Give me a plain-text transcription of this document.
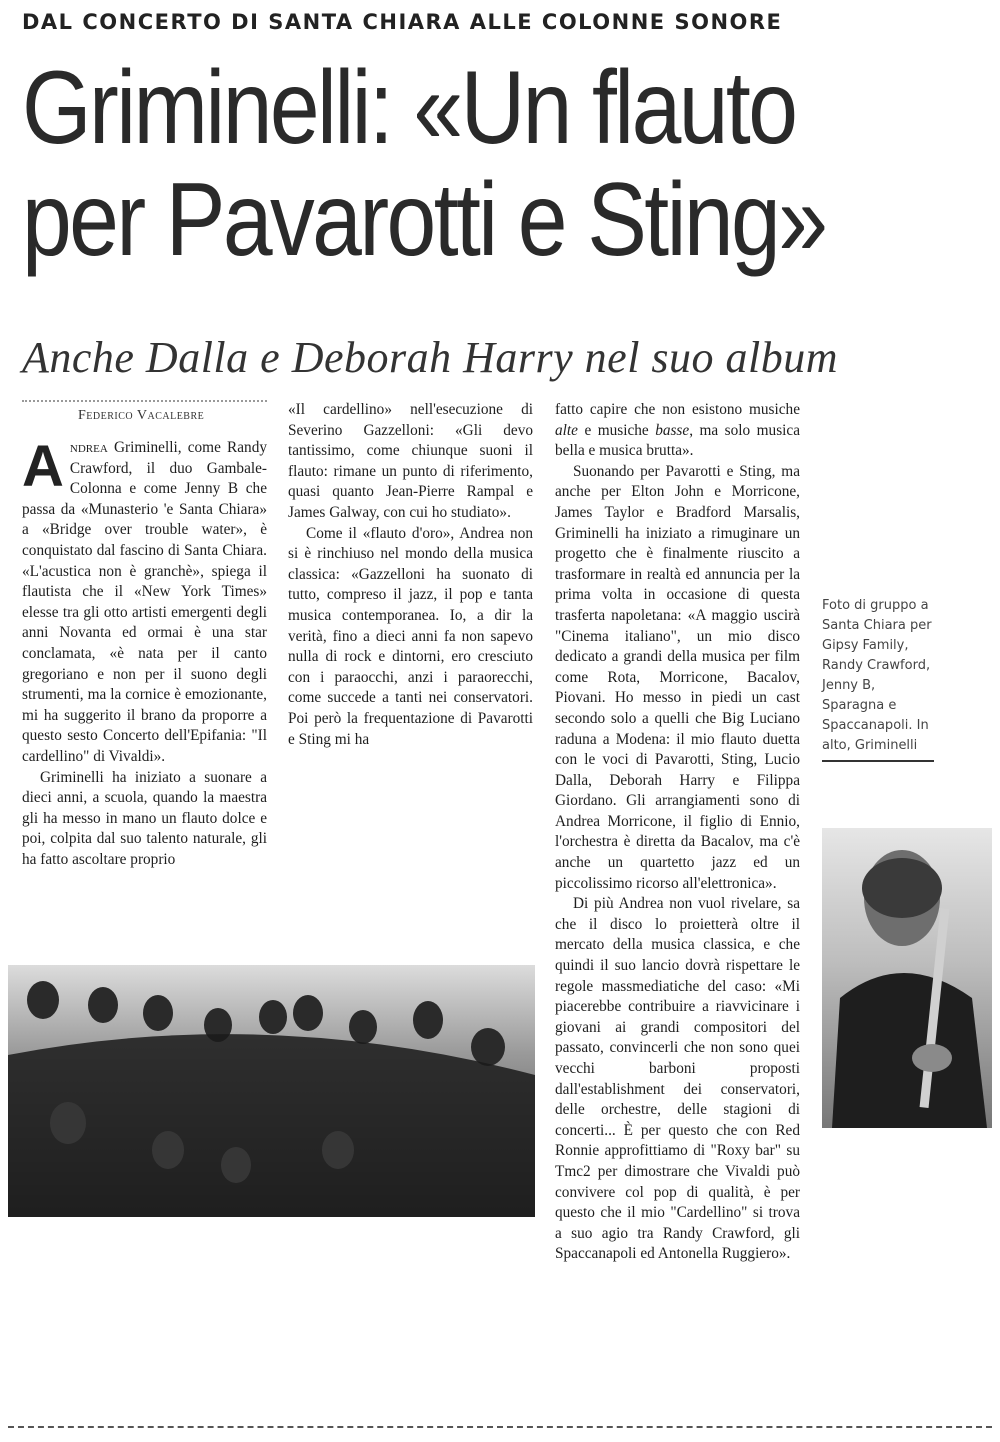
DAL CONCERTO DI SANTA CHIARA ALLE COLONNE SONORE
Griminelli: «Un flauto
per Pavarotti e Sting»
Anche Dalla e Deborah Harry nel suo album
Federico Vacalebre

Andrea Griminelli, come Randy Crawford, il duo Gambale-Colonna e come Jenny B che passa da «Munasterio 'e Santa Chiara» a «Bridge over trouble water», è conquistato dal fascino di Santa Chiara. «L'acustica non è granchè», spiega il flautista che il «New York Times» elesse tra gli otto artisti emergenti degli anni Novanta ed ormai è una star conclamata, «è nata per il canto gregoriano e non per il suono degli strumenti, ma la cornice è emozionante, mi ha suggerito il brano da proporre a questo sesto Concerto dell'Epifania: "Il cardellino" di Vivaldi».

Griminelli ha iniziato a suonare a dieci anni, a scuola, quando la maestra gli ha messo in mano un flauto dolce e poi, colpita dal suo talento naturale, gli ha fatto ascoltare proprio

«Il cardellino» nell'esecuzione di Severino Gazzelloni: «Gli devo tantissimo, come chiunque suoni il flauto: rimane un punto di riferimento, quasi quanto Jean-Pierre Rampal e James Galway, con cui ho studiato».

Come il «flauto d'oro», Andrea non si è rinchiuso nel mondo della musica classica: «Gazzelloni ha suonato di tutto, compreso il jazz, il pop e tanta musica contemporanea. Io, a dir la verità, fino a dieci anni fa non sapevo nulla di rock e dintorni, ero cresciuto con i paraocchi, anzi i paraorecchi, come succede a tanti nei conservatori. Poi però la frequentazione di Pavarotti e Sting mi ha

fatto capire che non esistono musiche alte e musiche basse, ma solo musica bella e musica brutta».

Suonando per Pavarotti e Sting, ma anche per Elton John e Morricone, James Taylor e Bradford Marsalis, Griminelli ha iniziato a rimuginare un progetto che è finalmente riuscito a trasformare in realtà ed annuncia per la prima volta in occasione di questa trasferta napoletana: «A maggio uscirà "Cinema italiano", un mio disco dedicato a grandi della musica per film come Rota, Morricone, Bacalov, Piovani. Ho messo in piedi un cast secondo solo a quelli che Big Luciano raduna a Modena: il mio flauto duetta con le voci di Pavarotti, Sting, Lucio Dalla, Deborah Harry e Filippa Giordano. Gli arrangiamenti sono di Andrea Morricone, il figlio di Ennio, l'orchestra è diretta da Bacalov, ma c'è anche un quartetto jazz ed un piccolissimo ricorso all'elettronica».

Di più Andrea non vuol rivelare, sa che il disco lo proietterà oltre il mercato della musica classica, e che quindi il suo lancio dovrà rispettare le regole massmediatiche del caso: «Mi piacerebbe contribuire a riavvicinare i giovani ai grandi compositori del passato, convincerli che non sono quei vecchi barboni proposti dall'establishment dei conservatori, delle orchestre, delle stagioni di concerti... È per questo che con Red Ronnie approfittiamo di "Roxy bar" su Tmc2 per dimostrare che Vivaldi può convivere col pop di qualità, è per questo che il mio "Cardellino" si trova a suo agio tra Randy Crawford, gli Spaccanapoli ed Antonella Ruggiero».

Foto di gruppo a Santa Chiara per Gipsy Family, Randy Crawford, Jenny B, Sparagna e Spaccanapoli. In alto, Griminelli
